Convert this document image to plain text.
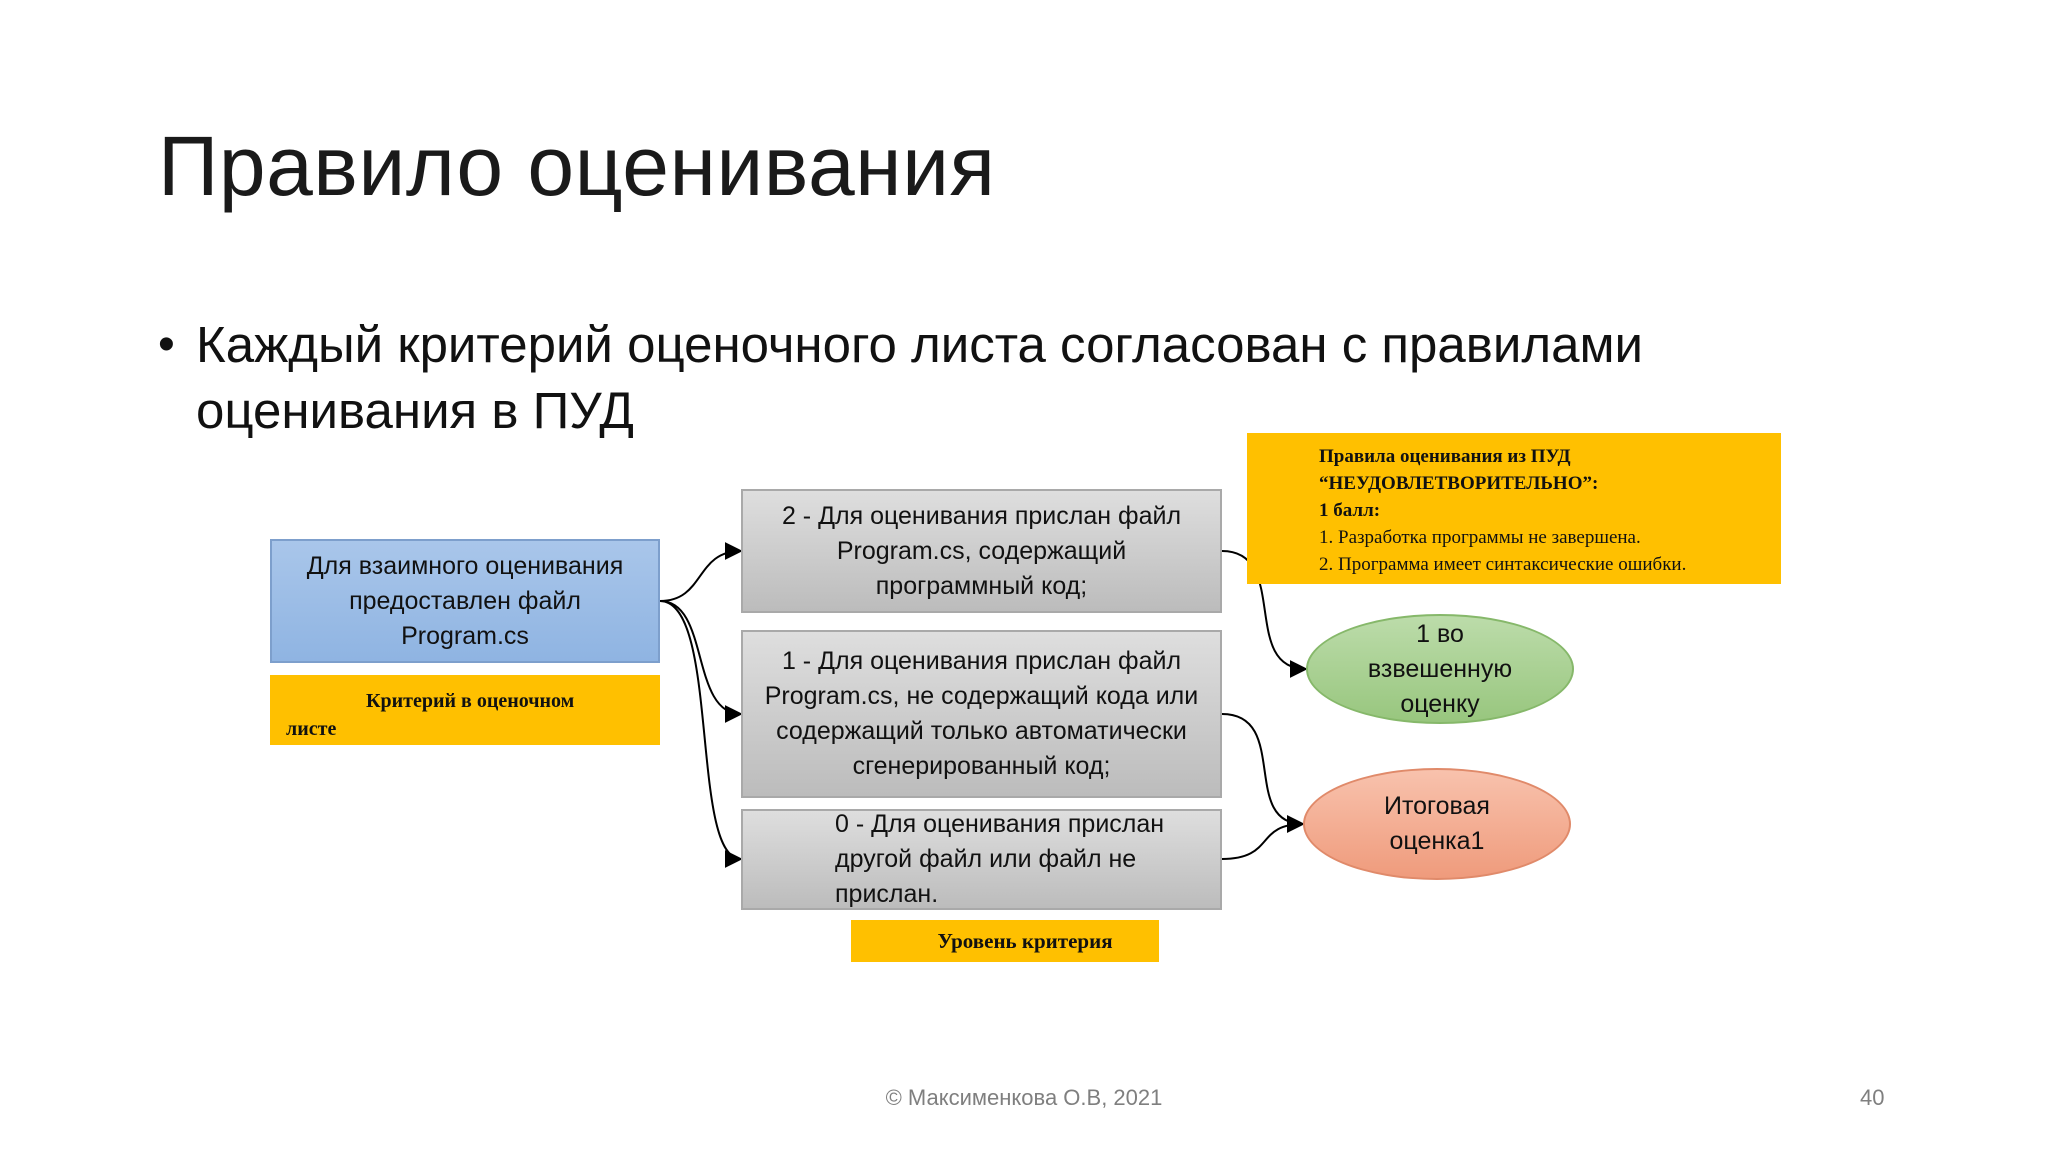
Правило оценивания
• Каждый критерий оценочного листа согласован с правилами оценивания в ПУД
Для взаимного оценивания предоставлен файл Program.cs
Критерий в оценочном
листе
2 - Для оценивания прислан файл Program.cs, содержащий программный код;
1 - Для оценивания прислан файл Program.cs, не содержащий кода или содержащий только автоматически сгенерированный код;
0 - Для оценивания прислан другой файл или файл не прислан.
Уровень критерия
Правила оценивания из ПУД
“НЕУДОВЛЕТВОРИТЕЛЬНО”:
1 балл:
1. Разработка программы не завершена.
2. Программа имеет синтаксические ошибки.
1 во взвешенную оценку
Итоговая оценка1
© Максименкова О.В, 2021	40
